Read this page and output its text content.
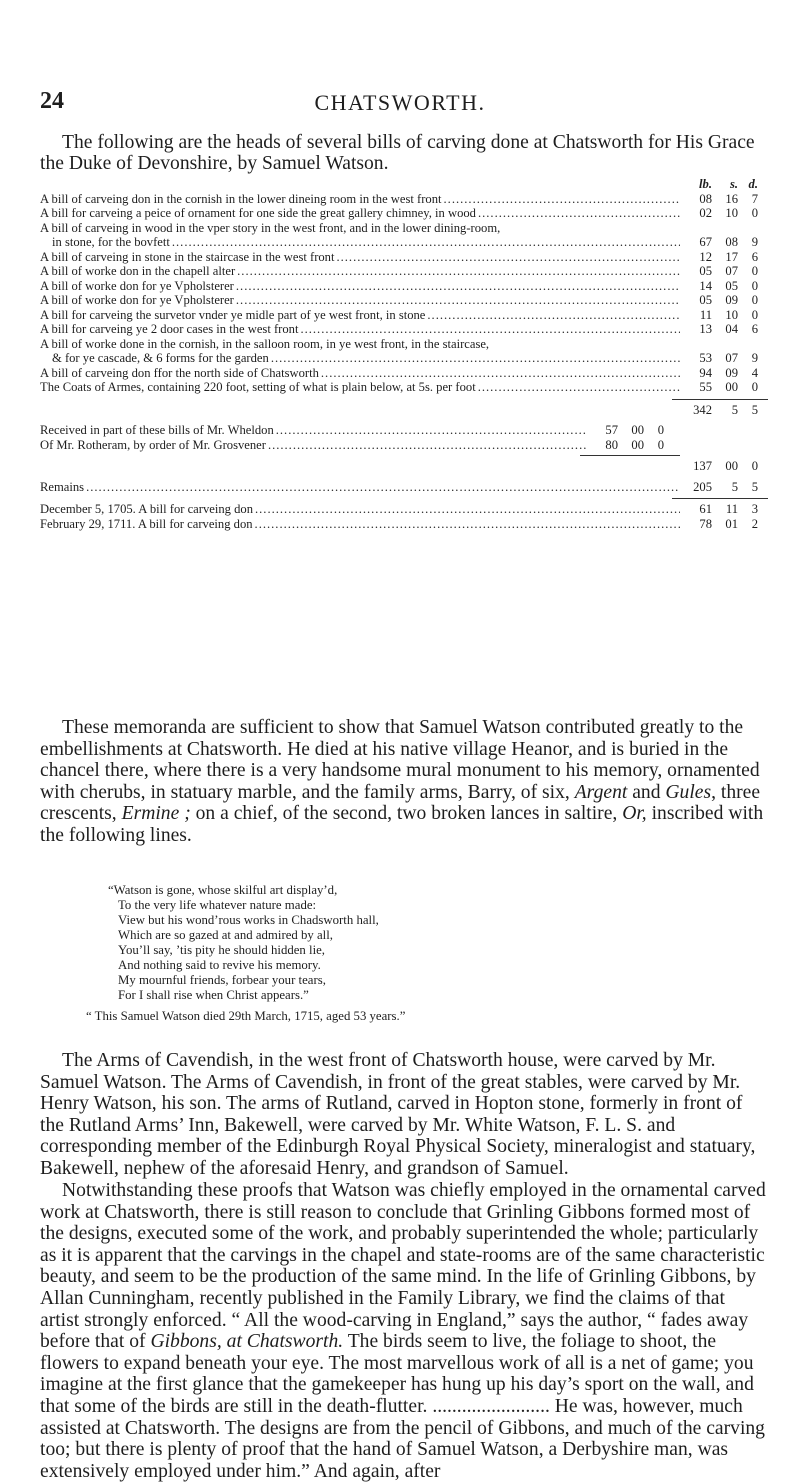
24	CHATSWORTH.

The following are the heads of several bills of carving done at Chatsworth for His Grace the Duke of Devonshire, by Samuel Watson.

lb.	s. d.
A bill of carveing don in the cornish in the lower dineing room in the west front .....	08	16	7
A bill for carveing a peice of ornament for one side the great gallery chimney, in wood .....	02	10	0
A bill of carveing in wood in the vper story in the west front, and in the lower dining-room,
in stone, for the bovfett .....	67	08	9
A bill of carveing in stone in the staircase in the west front .....	12	17	6
A bill of worke don in the chapell alter .....	05	07	0
A bill of worke don for ye Vpholsterer .....	14	05	0
A bill of worke don for ye Vpholsterer .....	05	09	0
A bill for carveing the survetor vnder ye midle part of ye west front, in stone .....	11	10	0
A bill for carveing ye 2 door cases in the west front .....	13	04	6
A bill of worke done in the cornish, in the salloon room, in ye west front, in the staircase,
& for ye cascade, & 6 forms for the garden .....	53	07	9
A bill of carveing don ffor the north side of Chatsworth .....	94	09	4
The Coats of Armes, containing 220 foot, setting of what is plain below, at 5s. per foot .....	55	00	0
342	5	5
Received in part of these bills of Mr. Wheldon .....	57	00	0
Of Mr. Rotheram, by order of Mr. Grosvener .....	80	00	0
137	00	0
Remains .....	205	5	5
December 5, 1705. A bill for carveing don .....	61	11	3
February 29, 1711. A bill for carveing don .....	78	01	2

These memoranda are sufficient to show that Samuel Watson contributed greatly to the embellishments at Chatsworth. He died at his native village Heanor, and is buried in the chancel there, where there is a very handsome mural monument to his memory, ornamented with cherubs, in statuary marble, and the family arms, Barry, of six, Argent and Gules, three crescents, Ermine ; on a chief, of the second, two broken lances in saltire, Or, inscribed with the following lines.

“Watson is gone, whose skilful art display’d,
To the very life whatever nature made:
View but his wond’rous works in Chadsworth hall,
Which are so gazed at and admired by all,
You’ll say, ’tis pity he should hidden lie,
And nothing said to revive his memory.
My mournful friends, forbear your tears,
For I shall rise when Christ appears.”
“ This Samuel Watson died 29th March, 1715, aged 53 years.”

The Arms of Cavendish, in the west front of Chatsworth house, were carved by Mr. Samuel Watson. The Arms of Cavendish, in front of the great stables, were carved by Mr. Henry Watson, his son. The arms of Rutland, carved in Hopton stone, formerly in front of the Rutland Arms’ Inn, Bakewell, were carved by Mr. White Watson, F. L. S. and corresponding member of the Edinburgh Royal Physical Society, mineralogist and statuary, Bakewell, nephew of the aforesaid Henry, and grandson of Samuel.

Notwithstanding these proofs that Watson was chiefly employed in the ornamental carved work at Chatsworth, there is still reason to conclude that Grinling Gibbons formed most of the designs, executed some of the work, and probably superintended the whole; particularly as it is apparent that the carvings in the chapel and state-rooms are of the same characteristic beauty, and seem to be the production of the same mind. In the life of Grinling Gibbons, by Allan Cunningham, recently published in the Family Library, we find the claims of that artist strongly enforced. “ All the wood-carving in England,” says the author, “ fades away before that of Gibbons, at Chatsworth. The birds seem to live, the foliage to shoot, the flowers to expand beneath your eye. The most marvellous work of all is a net of game; you imagine at the first glance that the gamekeeper has hung up his day’s sport on the wall, and that some of the birds are still in the death-flutter. ........................ He was, however, much assisted at Chatsworth. The designs are from the pencil of Gibbons, and much of the carving too; but there is plenty of proof that the hand of Samuel Watson, a Derbyshire man, was extensively employed under him.” And again, after
